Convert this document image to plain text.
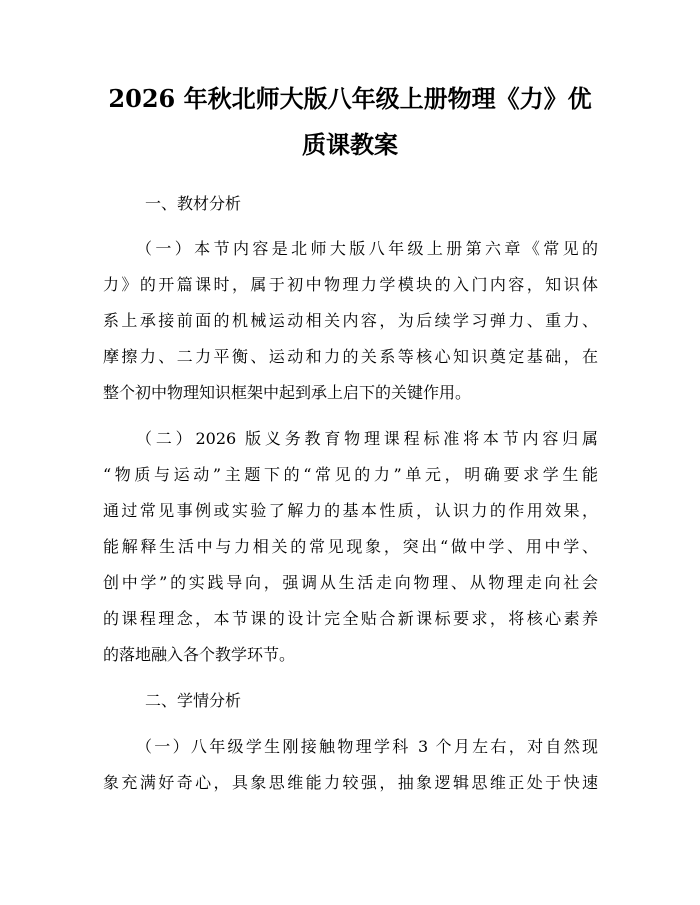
2026 年秋北师大版八年级上册物理《力》优
质课教案
一、教材分析
（一）本节内容是北师大版八年级上册第六章《常见的
力》的开篇课时，属于初中物理力学模块的入门内容，知识体
系上承接前面的机械运动相关内容，为后续学习弹力、重力、
摩擦力、二力平衡、运动和力的关系等核心知识奠定基础，在
整个初中物理知识框架中起到承上启下的关键作用。
（二）2026 版义务教育物理课程标准将本节内容归属
“物质与运动”主题下的“常见的力”单元，明确要求学生能
通过常见事例或实验了解力的基本性质，认识力的作用效果，
能解释生活中与力相关的常见现象，突出“做中学、用中学、
创中学”的实践导向，强调从生活走向物理、从物理走向社会
的课程理念，本节课的设计完全贴合新课标要求，将核心素养
的落地融入各个教学环节。
二、学情分析
（一）八年级学生刚接触物理学科 3 个月左右，对自然现
象充满好奇心，具象思维能力较强，抽象逻辑思维正处于快速
